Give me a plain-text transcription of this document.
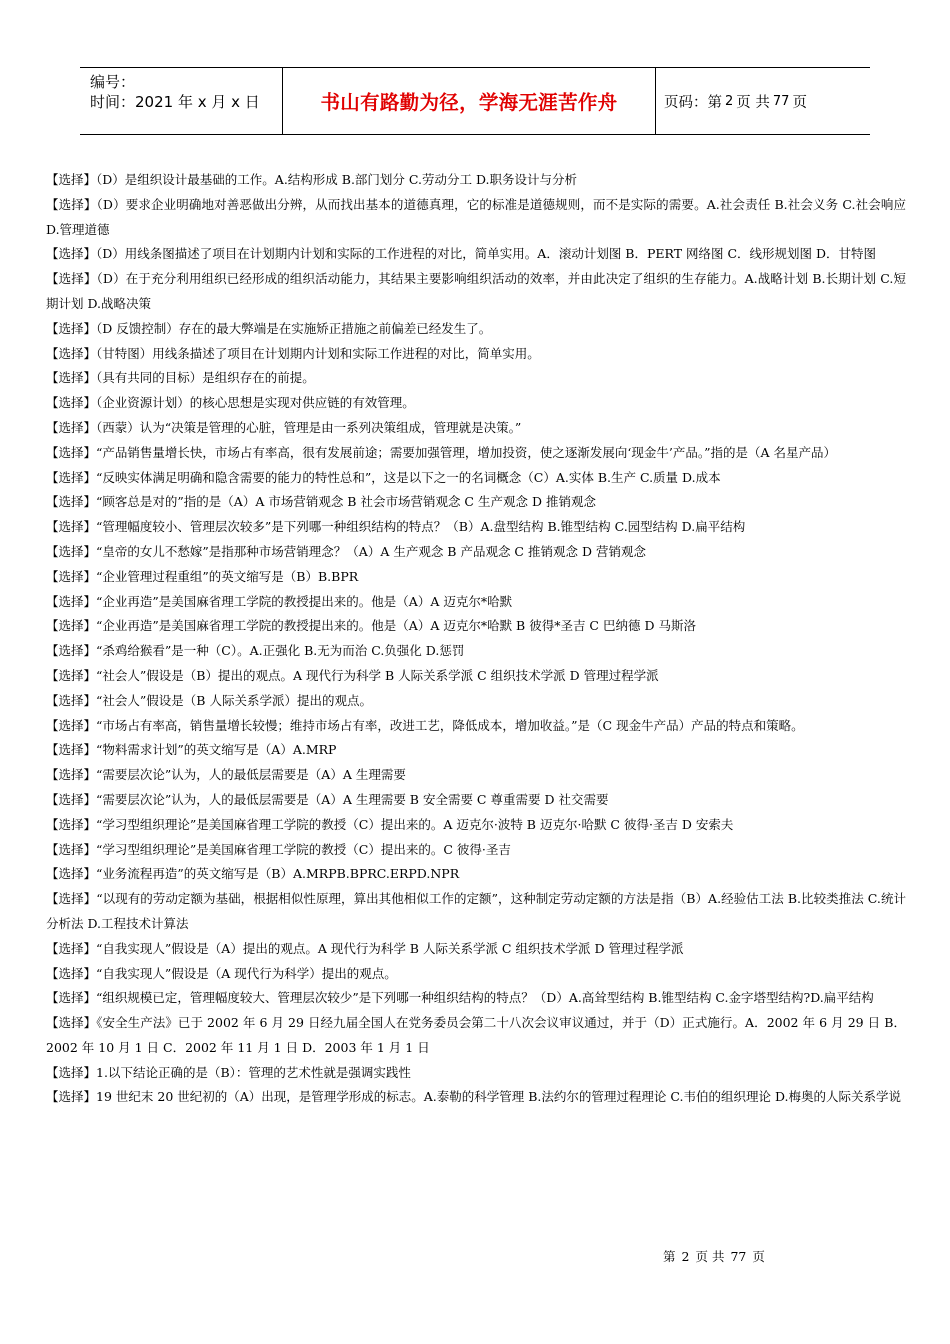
编号：
时间：2021 年 x 月 x 日	书山有路勤为径，学海无涯苦作舟	页码：第 2 页 共 77 页

【选择】（D）是组织设计最基础的工作。A.结构形成 B.部门划分 C.劳动分工 D.职务设计与分析

【选择】（D）要求企业明确地对善恶做出分辨，从而找出基本的道德真理，它的标准是道德规则，而不是实际的需要。A.社会责任 B.社会义务 C.社会响应 D.管理道德

【选择】（D）用线条图描述了项目在计划期内计划和实际的工作进程的对比，简单实用。A．滚动计划图 B．PERT 网络图 C．线形规划图 D．甘特图

【选择】（D）在于充分利用组织已经形成的组织活动能力，其结果主要影响组织活动的效率，并由此决定了组织的生存能力。A.战略计划 B.长期计划 C.短期计划 D.战略决策

【选择】（D 反馈控制）存在的最大弊端是在实施矫正措施之前偏差已经发生了。

【选择】（甘特图）用线条描述了项目在计划期内计划和实际工作进程的对比，简单实用。

【选择】（具有共同的目标）是组织存在的前提。

【选择】（企业资源计划）的核心思想是实现对供应链的有效管理。

【选择】（西蒙）认为“决策是管理的心脏，管理是由一系列决策组成，管理就是决策。”

【选择】“产品销售量增长快，市场占有率高，很有发展前途；需要加强管理，增加投资，使之逐渐发展向‘现金牛’产品。”指的是（A 名星产品）

【选择】“反映实体满足明确和隐含需要的能力的特性总和”，这是以下之一的名词概念（C）A.实体 B.生产 C.质量 D.成本

【选择】“顾客总是对的”指的是（A）A 市场营销观念 B 社会市场营销观念 C 生产观念 D 推销观念

【选择】“管理幅度较小、管理层次较多”是下列哪一种组织结构的特点？（B）A.盘型结构 B.锥型结构 C.园型结构 D.扁平结构

【选择】“皇帝的女儿不愁嫁”是指那种市场营销理念？（A）A 生产观念 B 产品观念 C 推销观念 D 营销观念

【选择】“企业管理过程重组”的英文缩写是（B）B.BPR

【选择】“企业再造”是美国麻省理工学院的教授提出来的。他是（A）A 迈克尔*哈默

【选择】“企业再造”是美国麻省理工学院的教授提出来的。他是（A）A 迈克尔*哈默 B 彼得*圣吉 C 巴纳德 D 马斯洛

【选择】“杀鸡给猴看”是一种（C）。A.正强化 B.无为而治 C.负强化 D.惩罚

【选择】“社会人”假设是（B）提出的观点。A 现代行为科学 B 人际关系学派 C 组织技术学派 D 管理过程学派

【选择】“社会人”假设是（B 人际关系学派）提出的观点。

【选择】“市场占有率高，销售量增长较慢；维持市场占有率，改进工艺，降低成本，增加收益。”是（C 现金牛产品）产品的特点和策略。

【选择】“物料需求计划”的英文缩写是（A）A.MRP

【选择】“需要层次论”认为，人的最低层需要是（A）A 生理需要

【选择】“需要层次论”认为，人的最低层需要是（A）A 生理需要 B 安全需要 C 尊重需要 D 社交需要

【选择】“学习型组织理论”是美国麻省理工学院的教授（C）提出来的。A 迈克尔·波特 B 迈克尔·哈默 C 彼得·圣吉 D 安索夫

【选择】“学习型组织理论”是美国麻省理工学院的教授（C）提出来的。C 彼得·圣吉

【选择】“业务流程再造”的英文缩写是（B）A.MRPB.BPRC.ERPD.NPR

【选择】“以现有的劳动定额为基础，根据相似性原理，算出其他相似工作的定额”，这种制定劳动定额的方法是指（B）A.经验估工法 B.比较类推法 C.统计分析法 D.工程技术计算法

【选择】“自我实现人”假设是（A）提出的观点。A 现代行为科学 B 人际关系学派 C 组织技术学派 D 管理过程学派

【选择】“自我实现人”假设是（A 现代行为科学）提出的观点。

【选择】“组织规模已定，管理幅度较大、管理层次较少”是下列哪一种组织结构的特点？（D）A.高耸型结构 B.锥型结构 C.金字塔型结构?D.扁平结构

【选择】《安全生产法》已于 2002 年 6 月 29 日经九届全国人在党务委员会第二十八次会议审议通过，并于（D）正式施行。A．2002 年 6 月 29 日 B．2002 年 10 月 1 日 C．2002 年 11 月 1 日 D．2003 年 1 月 1 日

【选择】1.以下结论正确的是（B）：管理的艺术性就是强调实践性

【选择】19 世纪末 20 世纪初的（A）出现，是管理学形成的标志。A.泰勒的科学管理 B.法约尔的管理过程理论 C.韦伯的组织理论 D.梅奥的人际关系学说

第 2 页 共 77 页
